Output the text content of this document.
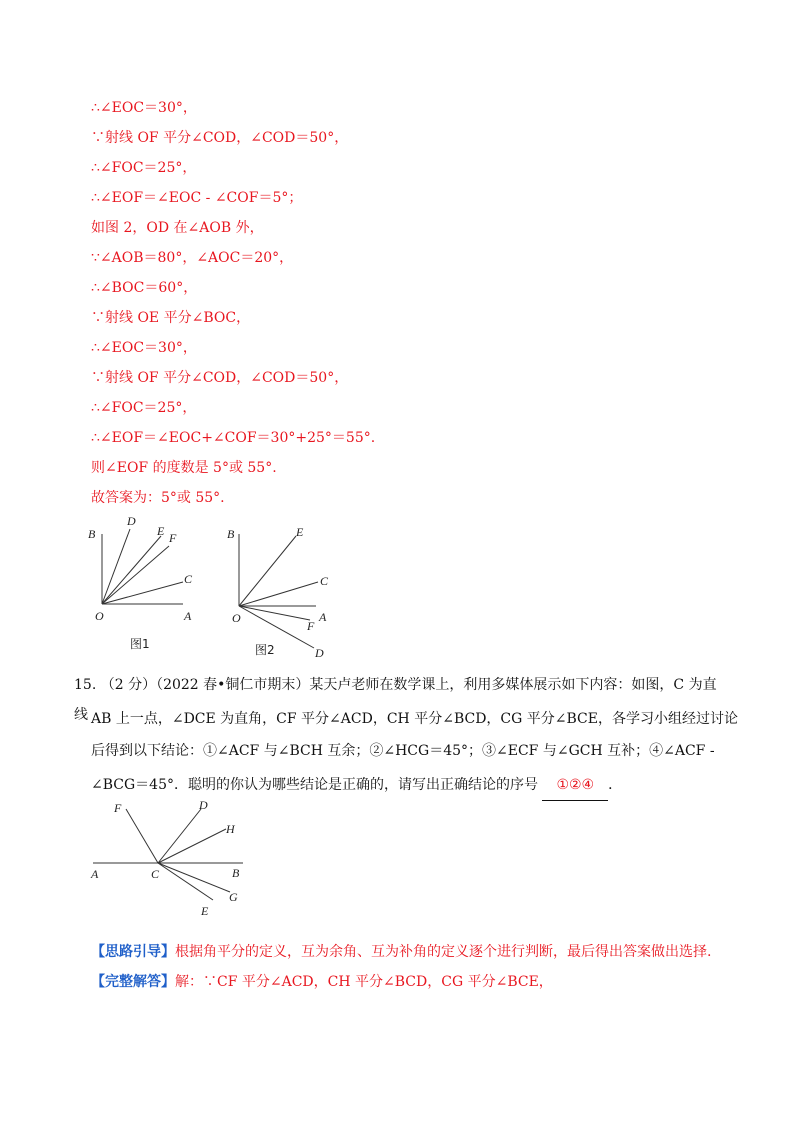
∴∠EOC＝30°，
∵射线 OF 平分∠COD，∠COD＝50°，
∴∠FOC＝25°，
∴∠EOF＝∠EOC - ∠COF＝5°；
如图 2，OD 在∠AOB 外，
∵∠AOB＝80°，∠AOC＝20°，
∴∠BOC＝60°，
∵射线 OE 平分∠BOC，
∴∠EOC＝30°，
∵射线 OF 平分∠COD，∠COD＝50°，
∴∠FOC＝25°，
∴∠EOF＝∠EOC+∠COF＝30°+25°＝55°.
则∠EOF 的度数是 5°或 55°.
故答案为：5°或 55°.
B
D
E F
C
O	A
图1
B	E
C
O	A
F
D
图2
15. （2 分）（2022 春•铜仁市期末）某天卢老师在数学课上，利用多媒体展示如下内容：如图，C 为直线 AB 上一点，∠DCE 为直角，CF 平分∠ACD，CH 平分∠BCD，CG 平分∠BCE，各学习小组经过讨论
后得到以下结论：①∠ACF 与∠BCH 互余；②∠HCG＝45°；③∠ECF 与∠GCH 互补；④∠ACF -
∠BCG＝45°．聪明的你认为哪些结论是正确的，请写出正确结论的序号 ①②④ ．
F	D
H
A	C	B
G
E
【思路引导】根据角平分的定义，互为余角、互为补角的定义逐个进行判断，最后得出答案做出选择.
【完整解答】解：∵CF 平分∠ACD，CH 平分∠BCD，CG 平分∠BCE，
